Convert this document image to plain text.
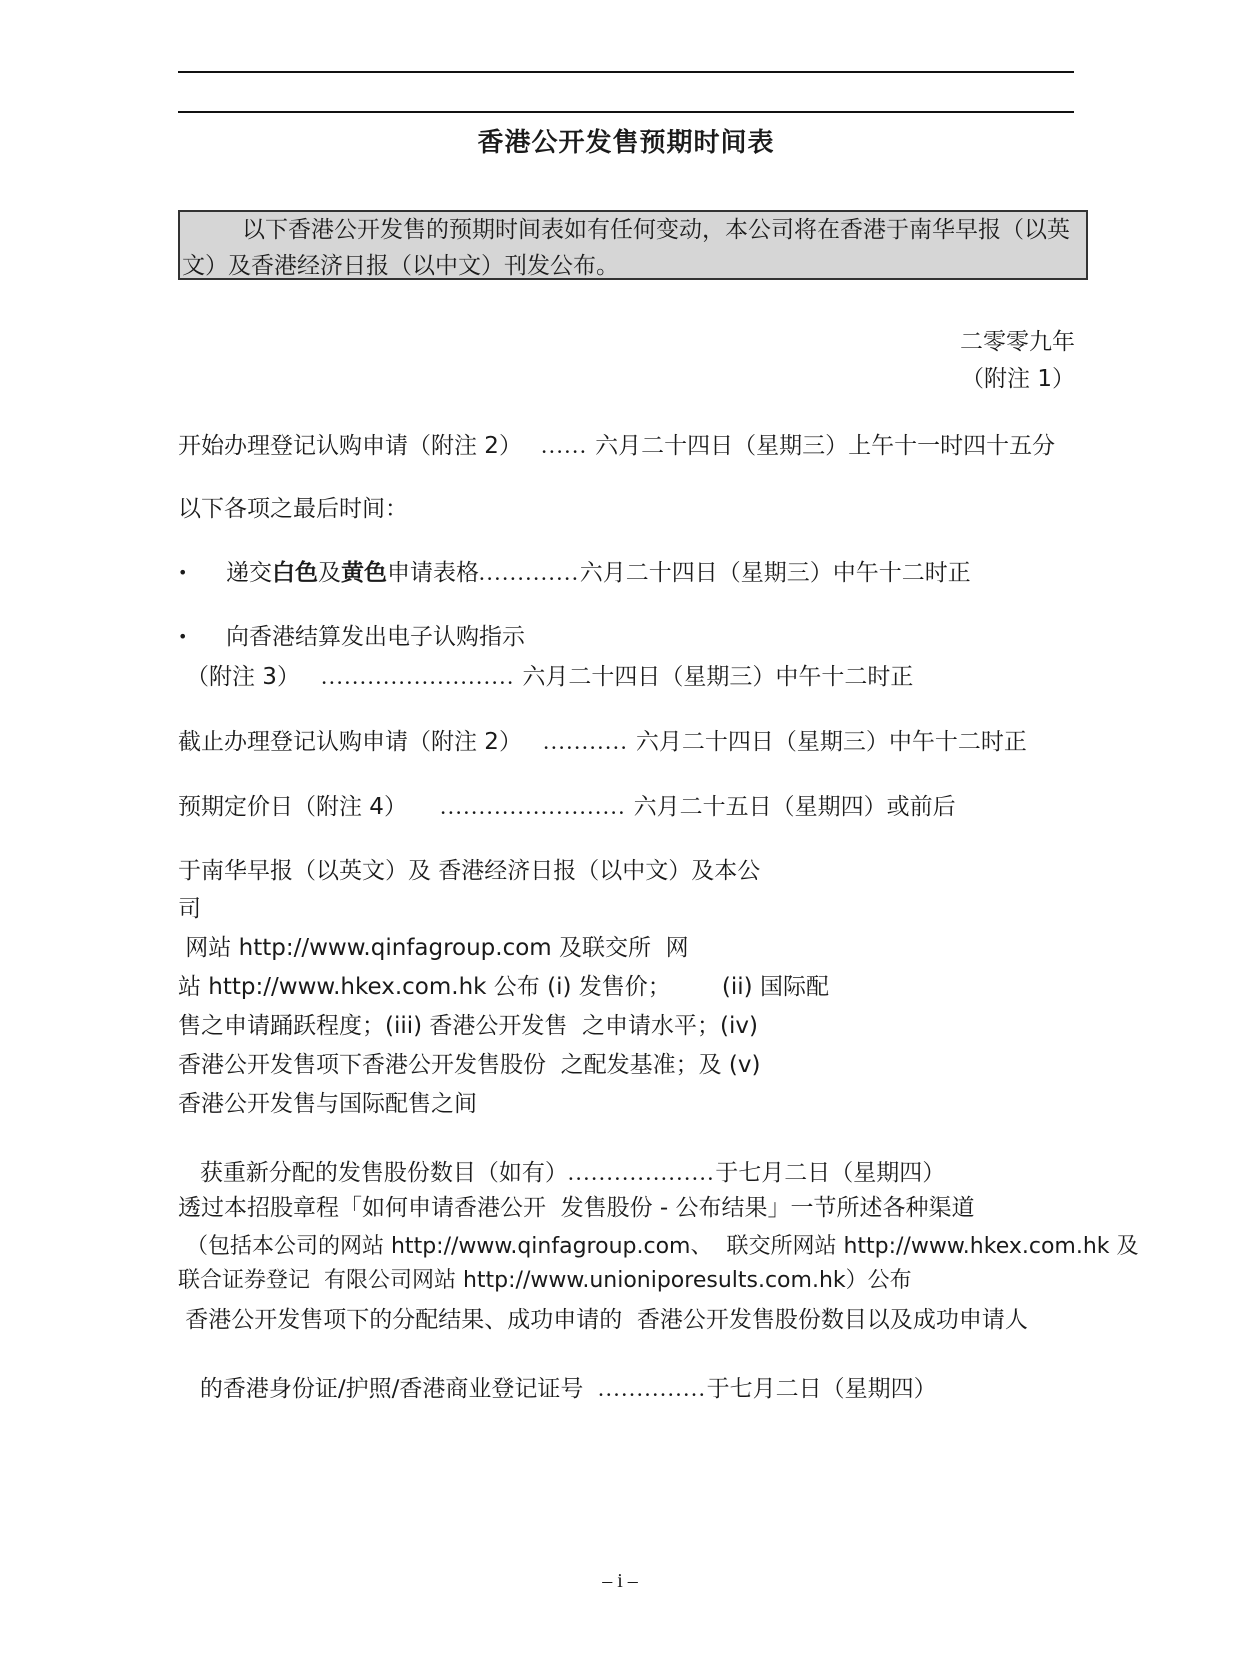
香港公开发售预期时间表
以下香港公开发售的预期时间表如有任何变动，本公司将在香港于南华早报（以英文）及香港经济日报（以中文）刊发公布。
二零零九年
（附注 1）
开始办理登记认购申请（附注 2） ...... 六月二十四日（星期三）上午十一时四十五分
以下各项之最后时间：
• 递交白色及黄色申请表格.............六月二十四日（星期三）中午十二时正
• 向香港结算发出电子认购指示
（附注 3） ......................... 六月二十四日（星期三）中午十二时正
截止办理登记认购申请（附注 2） ........... 六月二十四日（星期三）中午十二时正
预期定价日（附注 4） ........................ 六月二十五日（星期四）或前后
于南华早报（以英文）及 香港经济日报（以中文）及本公
司
网站 http://www.qinfagroup.com 及联交所  网
站 http://www.hkex.com.hk 公布 (i) 发售价；       (ii) 国际配
售之申请踊跃程度；(iii) 香港公开发售  之申请水平；(iv)
香港公开发售项下香港公开发售股份  之配发基准；及 (v)
香港公开发售与国际配售之间

获重新分配的发售股份数目（如有）...................于七月二日（星期四）

透过本招股章程「如何申请香港公开  发售股份 - 公布结果」一节所述各种渠道
（包括本公司的网站 http://www.qinfagroup.com、  联交所网站 http://www.hkex.com.hk 及
联合证券登记  有限公司网站 http://www.unioniporesults.com.hk）公布
香港公开发售项下的分配结果、成功申请的  香港公开发售股份数目以及成功申请人

的香港身份证∕护照∕香港商业登记证号  ..............于七月二日（星期四）

– i –
